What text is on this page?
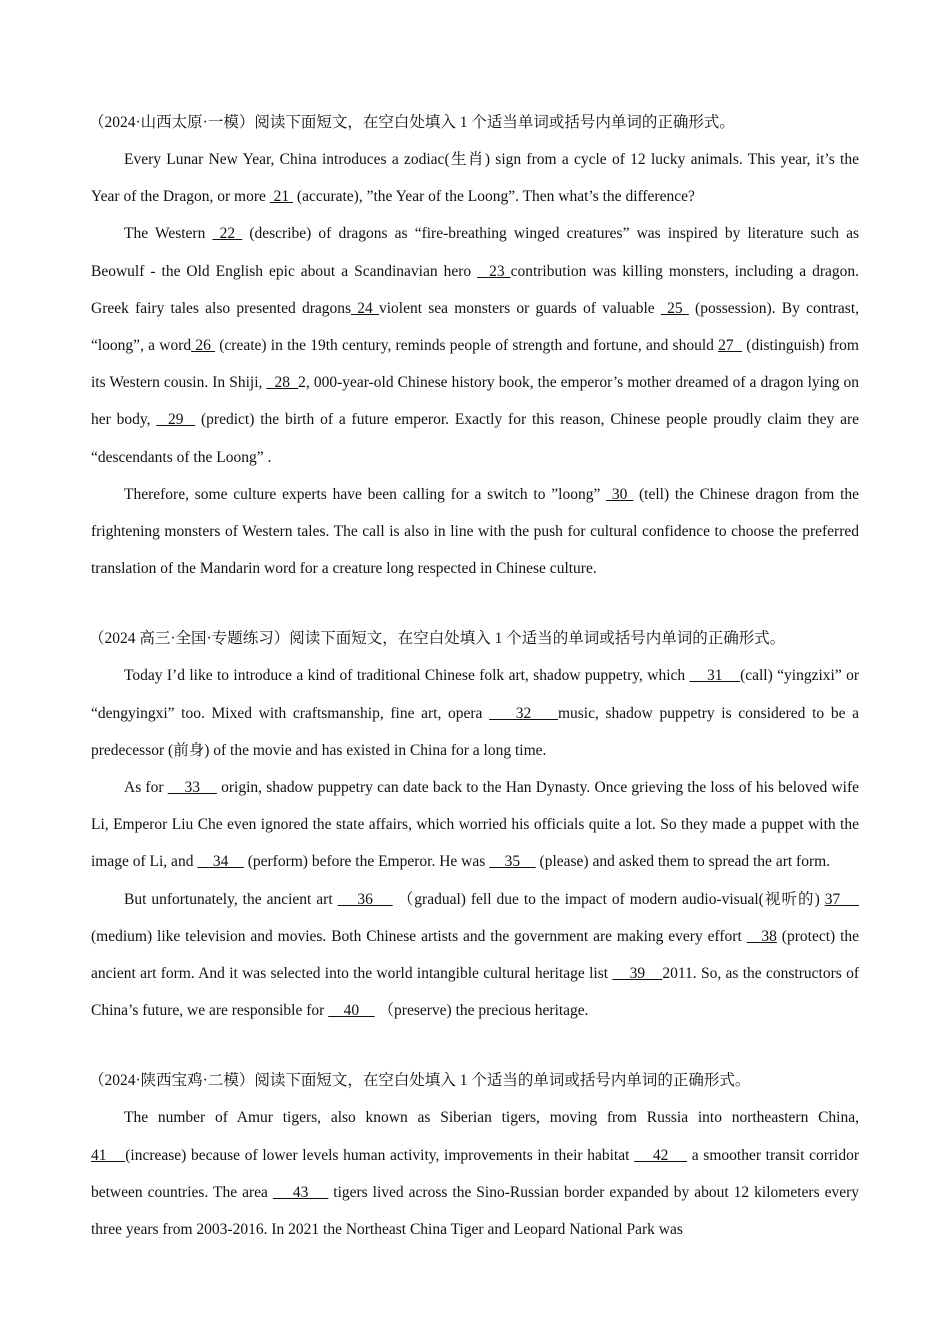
（2024·山西太原·一模）阅读下面短文，在空白处填入 1 个适当单词或括号内单词的正确形式。

Every Lunar New Year, China introduces a zodiac(生肖) sign from a cycle of 12 lucky animals. This year, it’s the Year of the Dragon, or more  21  (accurate), ”the Year of the Loong”. Then what’s the difference?

The Western  22  (describe) of dragons as “fire-breathing winged creatures” was inspired by literature such as Beowulf - the Old English epic about a Scandinavian hero   23 contribution was killing monsters, including a dragon. Greek fairy tales also presented dragons 24 violent sea monsters or guards of valuable  25  (possession). By contrast, “loong”, a word 26  (create) in the 19th century, reminds people of strength and fortune, and should 27   (distinguish) from its Western cousin. In Shiji,   28  2, 000-year-old Chinese history book, the emperor’s mother dreamed of a dragon lying on her body,   29   (predict) the birth of a future emperor. Exactly for this reason, Chinese people proudly claim they are “descendants of the Loong” .

Therefore, some culture experts have been calling for a switch to ”loong”  30  (tell) the Chinese dragon from the frightening monsters of Western tales. The call is also in line with the push for cultural confidence to choose the preferred translation of the Mandarin word for a creature long respected in Chinese culture.

（2024 高三·全国·专题练习）阅读下面短文，在空白处填入 1 个适当的单词或括号内单词的正确形式。

Today I’d like to introduce a kind of traditional Chinese folk art, shadow puppetry, which     31    (call) “yingzixi” or “dengyingxi” too. Mixed with craftsmanship, fine art, opera     32    music, shadow puppetry is considered to be a predecessor (前身) of the movie and has existed in China for a long time.

As for     33     origin, shadow puppetry can date back to the Han Dynasty. Once grieving the loss of his beloved wife Li, Emperor Liu Che even ignored the state affairs, which worried his officials quite a lot. So they made a puppet with the image of Li, and     34     (perform) before the Emperor. He was     35     (please) and asked them to spread the art form.

But unfortunately, the ancient art     36     （gradual) fell due to the impact of modern audio-visual(视听的) 37     (medium) like television and movies. Both Chinese artists and the government are making every effort    38 (protect) the ancient art form. And it was selected into the world intangible cultural heritage list     39    2011. So, as the constructors of China’s future, we are responsible for     40     （preserve) the precious heritage.

（2024·陕西宝鸡·二模）阅读下面短文，在空白处填入 1 个适当的单词或括号内单词的正确形式。

The number of Amur tigers, also known as Siberian tigers, moving from Russia into northeastern China, 41    (increase) because of lower levels human activity, improvements in their habitat     42     a smoother transit corridor between countries. The area     43     tigers lived across the Sino-Russian border expanded by about 12 kilometers every three years from 2003-2016. In 2021 the Northeast China Tiger and Leopard National Park was
